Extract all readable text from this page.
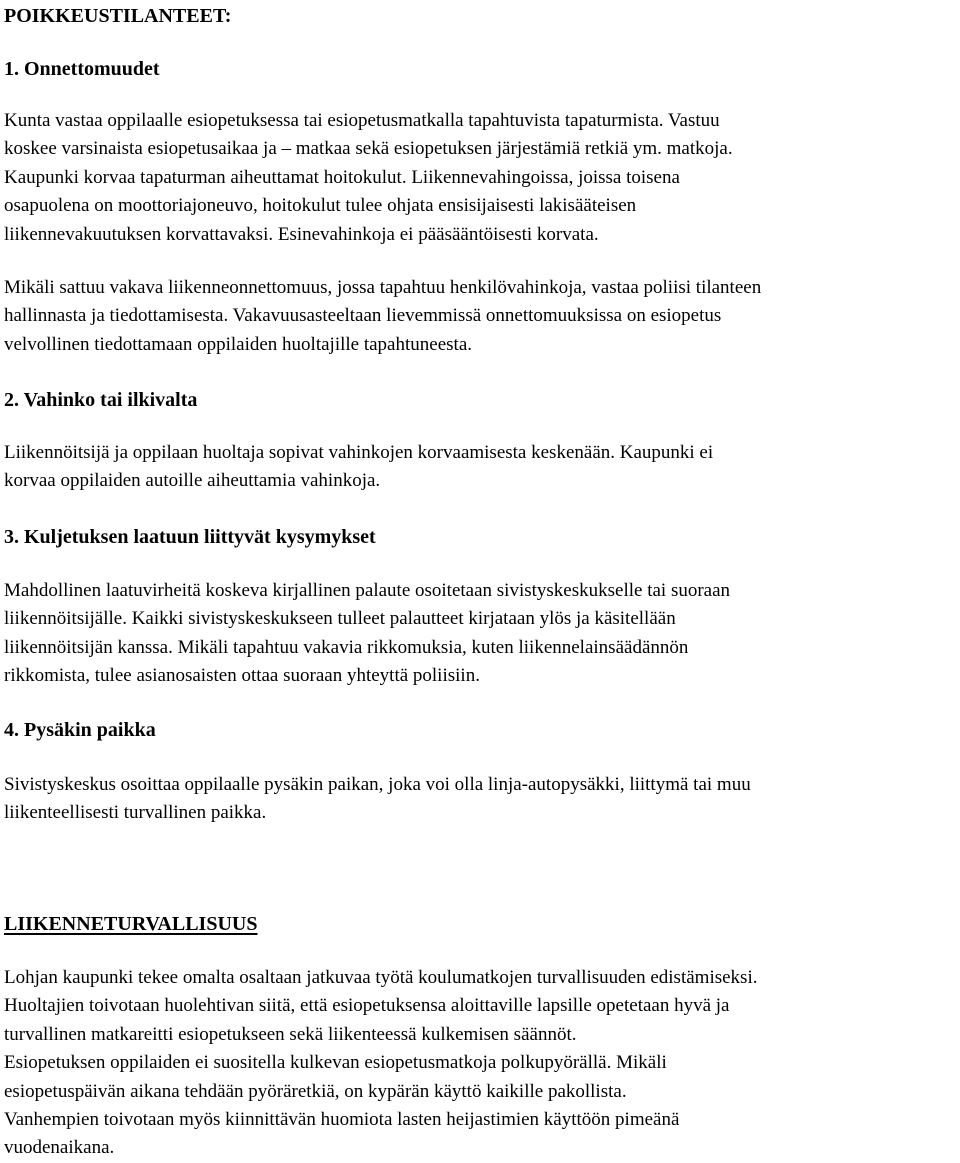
POIKKEUSTILANTEET:
1. Onnettomuudet
Kunta vastaa oppilaalle esiopetuksessa tai esiopetusmatkalla tapahtuvista tapaturmista. Vastuu
koskee varsinaista esiopetusaikaa ja – matkaa sekä esiopetuksen järjestämiä retkiä ym. matkoja.
Kaupunki korvaa tapaturman aiheuttamat hoitokulut. Liikennevahingoissa, joissa toisena
osapuolena on moottoriajoneuvo, hoitokulut tulee ohjata ensisijaisesti lakisääteisen
liikennevakuutuksen korvattavaksi. Esinevahinkoja ei pääsääntöisesti korvata.
Mikäli sattuu vakava liikenneonnettomuus, jossa tapahtuu henkilövahinkoja, vastaa poliisi tilanteen
hallinnasta ja tiedottamisesta. Vakavuusasteeltaan lievemmissä onnettomuuksissa on esiopetus
velvollinen tiedottamaan oppilaiden huoltajille tapahtuneesta.
2. Vahinko tai ilkivalta
Liikennöitsijä ja oppilaan huoltaja sopivat vahinkojen korvaamisesta keskenään. Kaupunki ei
korvaa oppilaiden autoille aiheuttamia vahinkoja.
3. Kuljetuksen laatuun liittyvät kysymykset
Mahdollinen laatuvirheitä koskeva kirjallinen palaute osoitetaan sivistyskeskukselle tai suoraan
liikennöitsijälle. Kaikki sivistyskeskukseen tulleet palautteet kirjataan ylös ja käsitellään
liikennöitsijän kanssa. Mikäli tapahtuu vakavia rikkomuksia, kuten liikennelainsäädännön
rikkomista, tulee asianosaisten ottaa suoraan yhteyttä poliisiin.
4. Pysäkin paikka
Sivistyskeskus osoittaa oppilaalle pysäkin paikan, joka voi olla linja-autopysäkki, liittymä tai muu
liikenteellisesti turvallinen paikka.
LIIKENNETURVALLISUUS
Lohjan kaupunki tekee omalta osaltaan jatkuvaa työtä koulumatkojen turvallisuuden edistämiseksi.
Huoltajien toivotaan huolehtivan siitä, että esiopetuksensa aloittaville lapsille opetetaan hyvä ja
turvallinen matkareitti esiopetukseen sekä liikenteessä kulkemisen säännöt.
Esiopetuksen oppilaiden ei suositella kulkevan esiopetusmatkoja polkupyörällä. Mikäli
esiopetuspäivän aikana tehdään pyöräretkiä, on kypärän käyttö kaikille pakollista.
Vanhempien toivotaan myös kiinnittävän huomiota lasten heijastimien käyttöön pimeänä
vuodenaikana.
